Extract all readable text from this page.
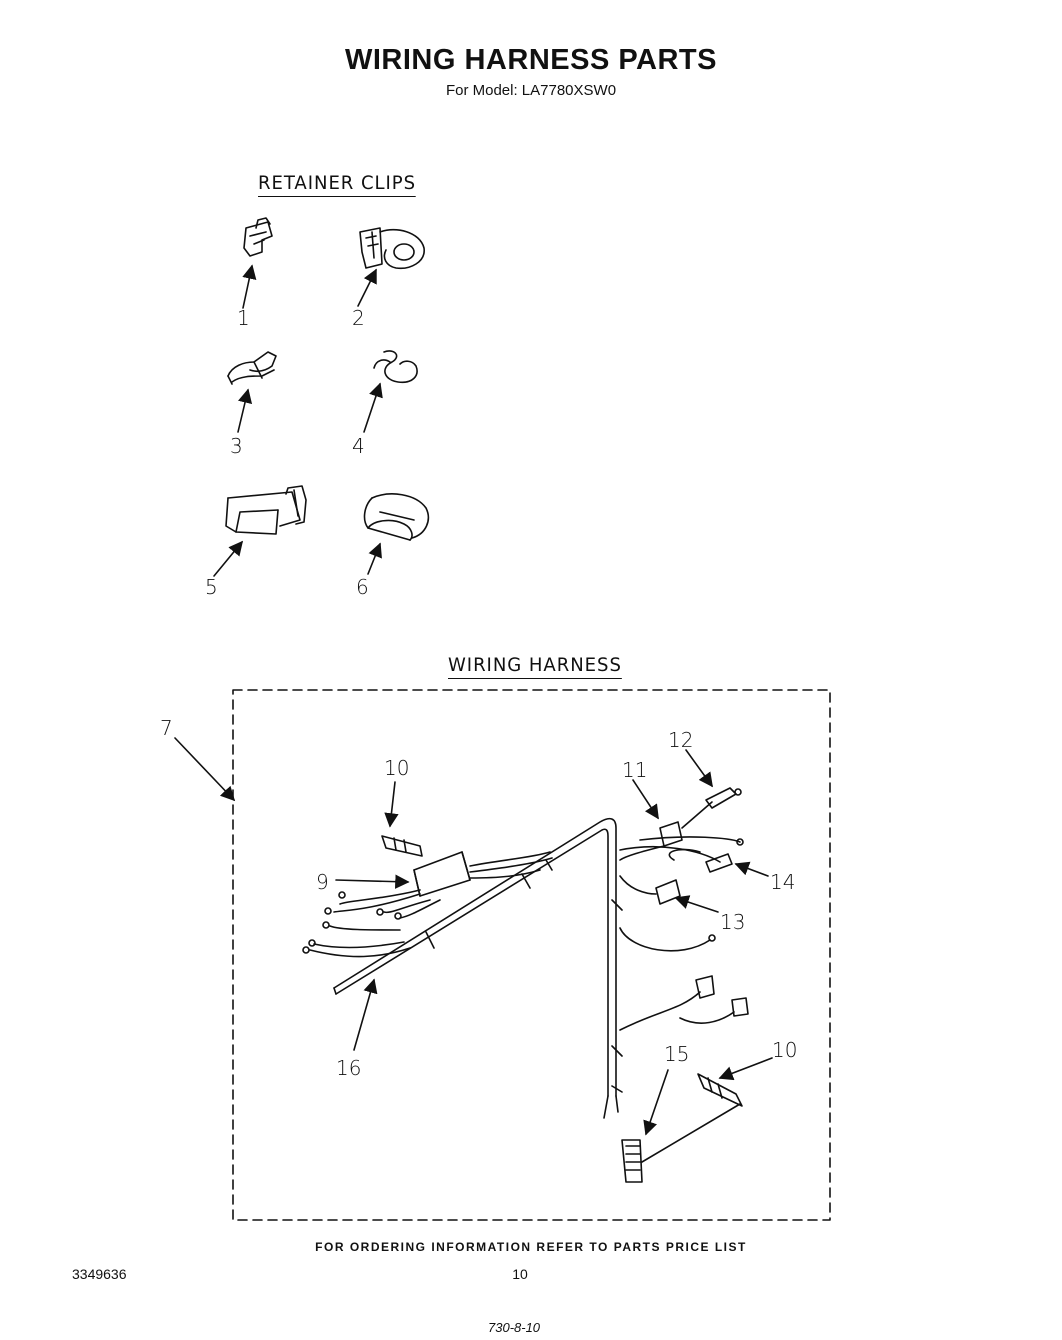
WIRING HARNESS PARTS
For Model: LA7780XSW0
RETAINER CLIPS
WIRING HARNESS
1	2
3	4
5	6
7
9
10
10
11
12
13
14
15
16
FOR ORDERING INFORMATION REFER TO PARTS PRICE LIST
3349636	10
730-8-10
